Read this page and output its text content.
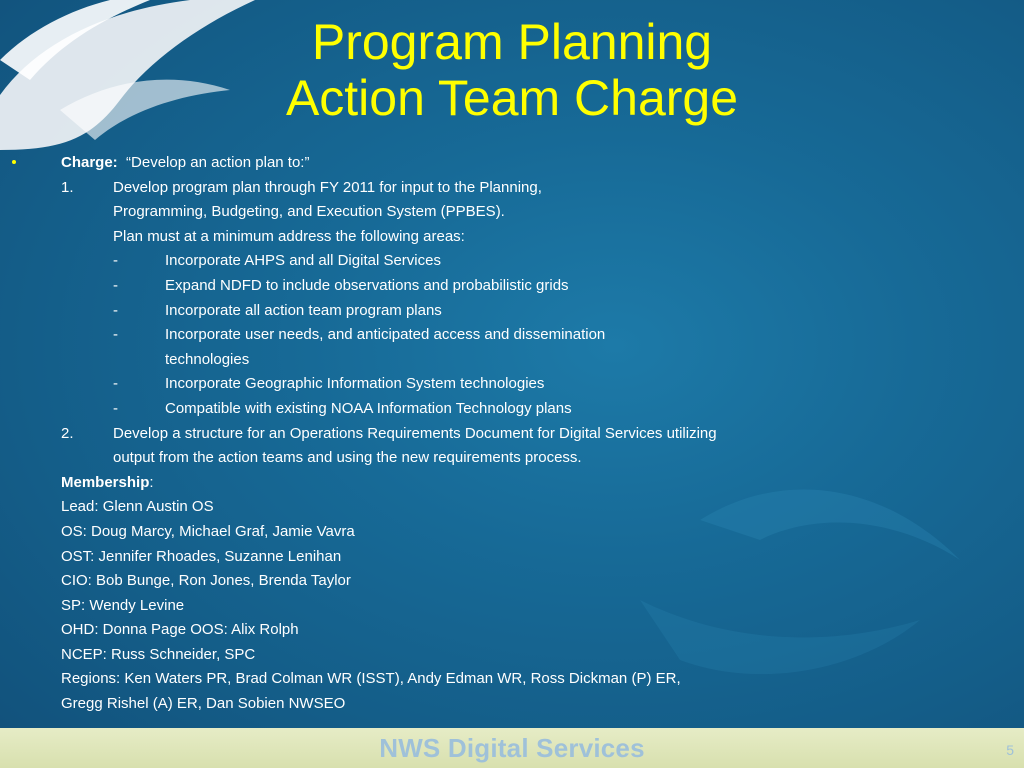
Program Planning
Action Team Charge
Charge: “Develop an action plan to:”
1.	Develop program plan through FY 2011 for input to the Planning,
Programming, Budgeting, and Execution System (PPBES).
Plan must at a minimum address the following areas:
-	Incorporate AHPS and all Digital Services
-	Expand NDFD to include observations and probabilistic grids
-	Incorporate all action team program plans
-	Incorporate user needs, and anticipated access and dissemination
technologies
-	Incorporate Geographic Information System technologies
-	Compatible with existing NOAA Information Technology plans
2.	Develop a structure for an Operations Requirements Document for Digital Services utilizing
output from the action teams and using the new requirements process.
Membership:
Lead: Glenn Austin OS
OS: Doug Marcy, Michael Graf, Jamie Vavra
OST: Jennifer Rhoades, Suzanne Lenihan
CIO: Bob Bunge, Ron Jones, Brenda Taylor
SP: Wendy Levine
OHD: Donna Page OOS: Alix Rolph
NCEP: Russ Schneider, SPC
Regions: Ken Waters PR, Brad Colman WR (ISST), Andy Edman WR, Ross Dickman (P) ER,
Gregg Rishel (A) ER, Dan Sobien NWSEO
NWS Digital Services	5
